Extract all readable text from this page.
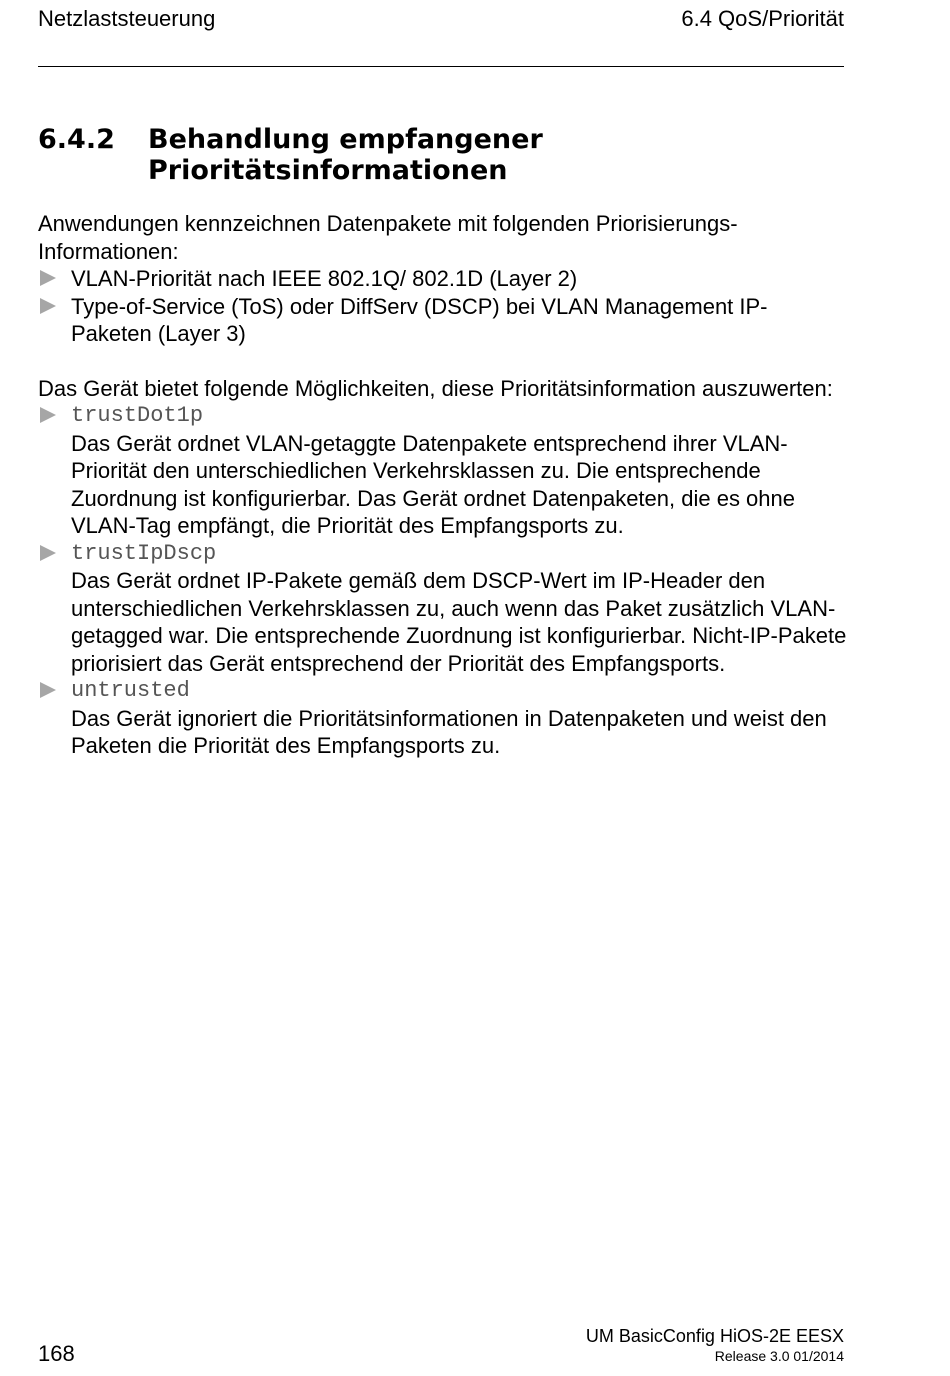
Netzlaststeuerung	6.4 QoS/Priorität
6.4.2	Behandlung empfangener
Prioritätsinformationen

Anwendungen kennzeichnen Datenpakete mit folgenden Priorisierungs-Informationen:

VLAN-Priorität nach IEEE 802.1Q/ 802.1D (Layer 2)
Type-of-Service (ToS) oder DiffServ (DSCP) bei VLAN Management IP-Paketen (Layer 3)

Das Gerät bietet folgende Möglichkeiten, diese Prioritätsinformation auszuwerten:

trustDot1p
Das Gerät ordnet VLAN-getaggte Datenpakete entsprechend ihrer VLAN-Priorität den unterschiedlichen Verkehrsklassen zu. Die entsprechende Zuordnung ist konfigurierbar. Das Gerät ordnet Datenpaketen, die es ohne VLAN-Tag empfängt, die Priorität des Empfangsports zu.
trustIpDscp
Das Gerät ordnet IP-Pakete gemäß dem DSCP-Wert im IP-Header den unterschiedlichen Verkehrsklassen zu, auch wenn das Paket zusätzlich VLAN-getagged war. Die entsprechende Zuordnung ist konfigurierbar. Nicht-IP-Pakete priorisiert das Gerät entsprechend der Priorität des Empfangsports.
untrusted
Das Gerät ignoriert die Prioritätsinformationen in Datenpaketen und weist den Paketen die Priorität des Empfangsports zu.
168
UM BasicConfig HiOS-2E EESX
Release 3.0 01/2014
